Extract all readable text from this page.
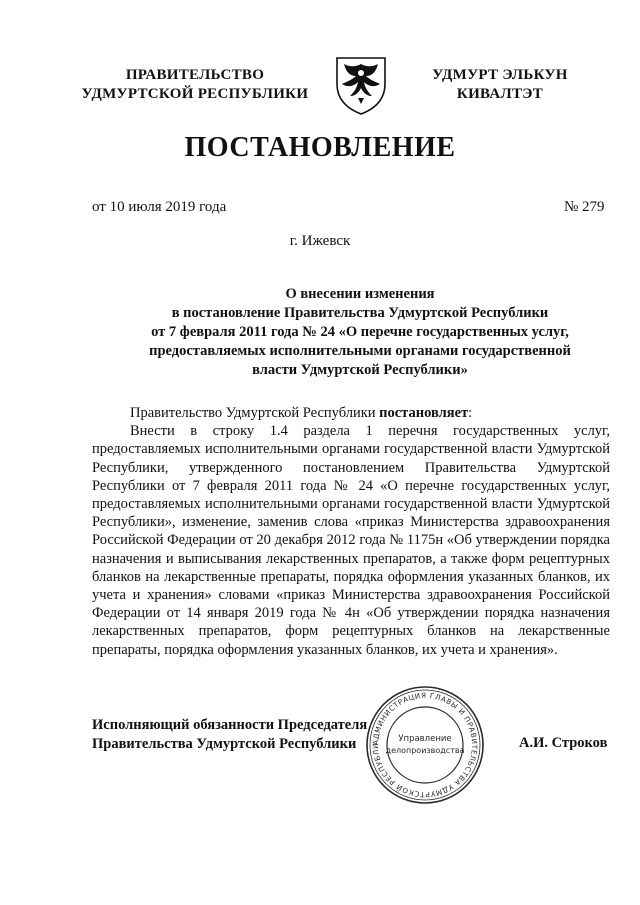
ПРАВИТЕЛЬСТВО
УДМУРТСКОЙ РЕСПУБЛИКИ
УДМУРТ ЭЛЬКУН
КИВАЛТЭТ
ПОСТАНОВЛЕНИЕ
от 10 июля 2019 года	№ 279
г. Ижевск
О внесении изменения
в постановление Правительства Удмуртской Республики
от 7 февраля 2011 года № 24 «О перечне государственных услуг,
предоставляемых исполнительными органами государственной
власти Удмуртской Республики»

Правительство Удмуртской Республики постановляет:

Внести в строку 1.4 раздела 1 перечня государственных услуг, предоставляемых исполнительными органами государственной власти Удмуртской Республики, утвержденного постановлением Правительства Удмуртской Республики от 7 февраля 2011 года № 24 «О перечне государственных услуг, предоставляемых исполнительными органами государственной власти Удмуртской Республики», изменение, заменив слова «приказ Министерства здравоохранения Российской Федерации от 20 декабря 2012 года № 1175н «Об утверждении порядка назначения и выписывания лекарственных препаратов, а также форм рецептурных бланков на лекарственные препараты, порядка оформления указанных бланков, их учета и хранения» словами «приказ Министерства здравоохранения Российской Федерации от 14 января 2019 года № 4н «Об утверждении порядка назначения лекарственных препаратов, форм рецептурных бланков на лекарственные препараты, порядка оформления указанных бланков, их учета и хранения».

Исполняющий обязанности Председателя
Правительства Удмуртской Республики	АДМИНИСТРАЦИЯ ГЛАВЫ И ПРАВИТЕЛЬСТВА УДМУРТСКОЙ РЕСПУБЛИ
Управление
делопроизводства	А.И. Строков
